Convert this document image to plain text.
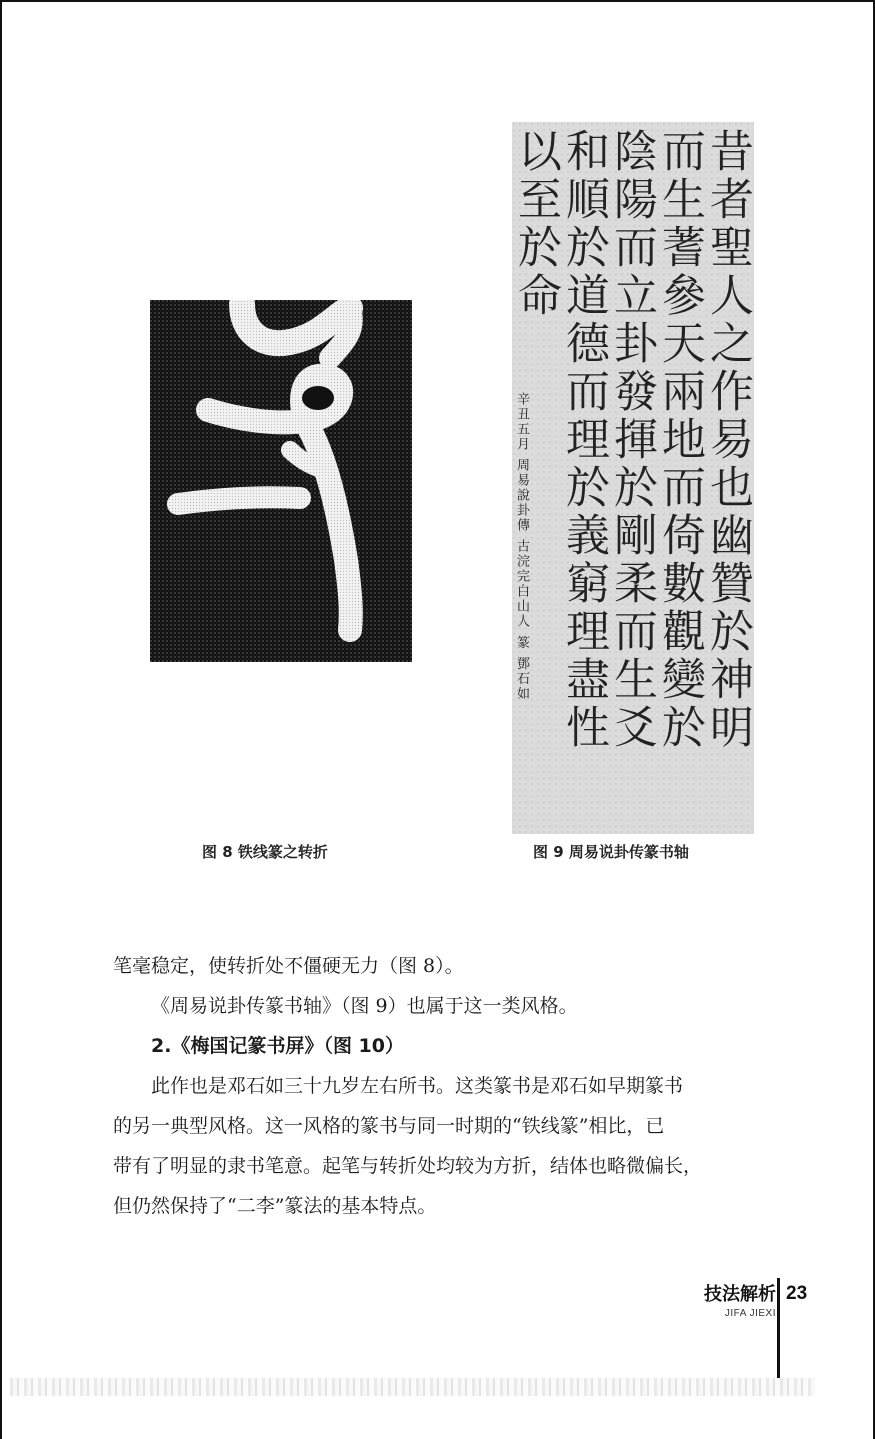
昔者聖人之作易也幽贊於神明
而生蓍參天兩地而倚數觀變於
陰陽而立卦發揮於剛柔而生爻
和順於道德而理於義窮理盡性
以至於命
辛丑五月 周易說卦傳 古浣完白山人 篆 鄧石如
图 8 铁线篆之转折	图 9 周易说卦传篆书轴

笔毫稳定，使转折处不僵硬无力（图 8）。

《周易说卦传篆书轴》（图 9）也属于这一类风格。

2.《梅国记篆书屏》（图 10）

此作也是邓石如三十九岁左右所书。这类篆书是邓石如早期篆书

的另一典型风格。这一风格的篆书与同一时期的“铁线篆”相比，已

带有了明显的隶书笔意。起笔与转折处均较为方折，结体也略微偏长，

但仍然保持了“二李”篆法的基本特点。

技法解析
JIFA JIEXI
23
